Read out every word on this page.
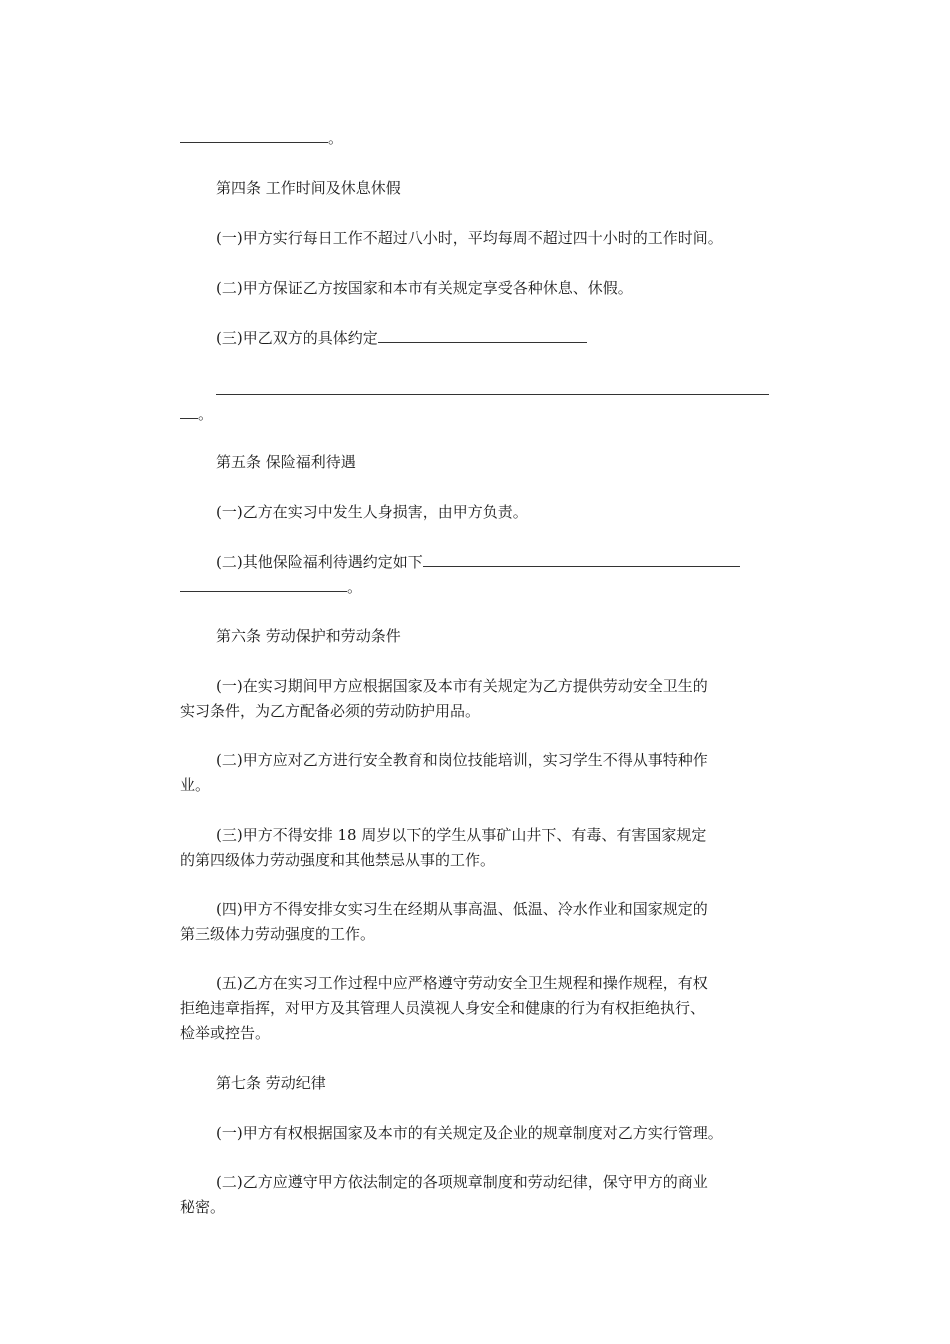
。
第四条 工作时间及休息休假
(一)甲方实行每日工作不超过八小时，平均每周不超过四十小时的工作时间。
(二)甲方保证乙方按国家和本市有关规定享受各种休息、休假。
(三)甲乙双方的具体约定
。
第五条 保险福利待遇
(一)乙方在实习中发生人身损害，由甲方负责。
(二)其他保险福利待遇约定如下
。
第六条 劳动保护和劳动条件
(一)在实习期间甲方应根据国家及本市有关规定为乙方提供劳动安全卫生的
实习条件，为乙方配备必须的劳动防护用品。
(二)甲方应对乙方进行安全教育和岗位技能培训，实习学生不得从事特种作
业。
(三)甲方不得安排 18 周岁以下的学生从事矿山井下、有毒、有害国家规定
的第四级体力劳动强度和其他禁忌从事的工作。
(四)甲方不得安排女实习生在经期从事高温、低温、冷水作业和国家规定的
第三级体力劳动强度的工作。
(五)乙方在实习工作过程中应严格遵守劳动安全卫生规程和操作规程，有权
拒绝违章指挥，对甲方及其管理人员漠视人身安全和健康的行为有权拒绝执行、
检举或控告。
第七条 劳动纪律
(一)甲方有权根据国家及本市的有关规定及企业的规章制度对乙方实行管理。
(二)乙方应遵守甲方依法制定的各项规章制度和劳动纪律，保守甲方的商业
秘密。
